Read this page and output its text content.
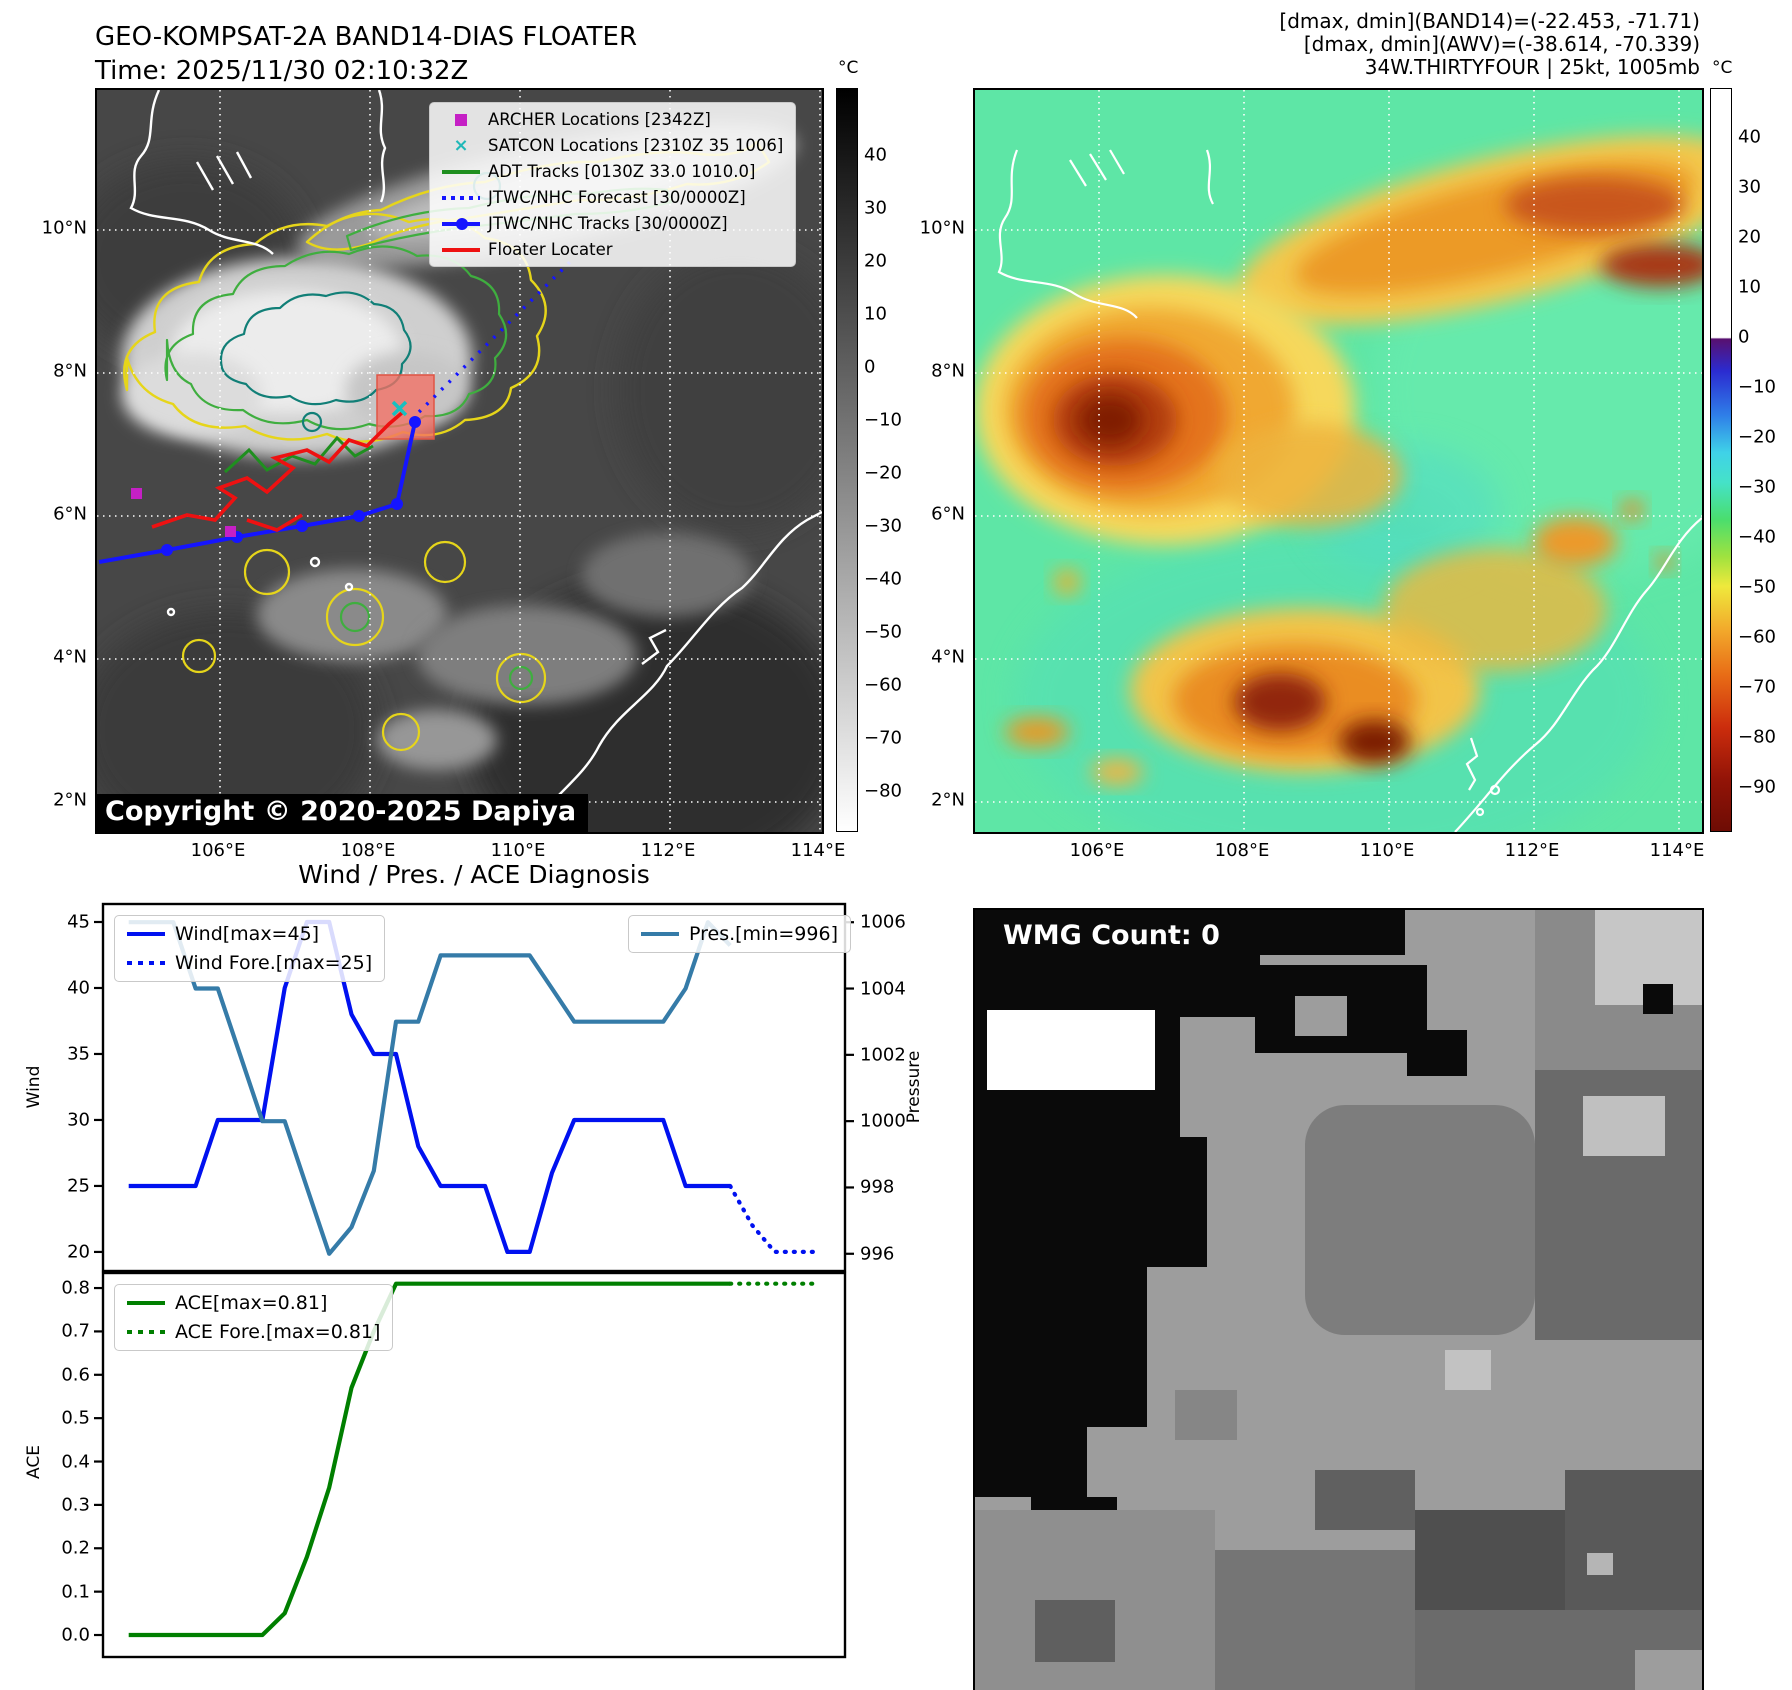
GEO-KOMPSAT-2A BAND14-DIAS FLOATER
Time: 2025/11/30 02:10:32Z
[dmax, dmin](BAND14)=(-22.453, -71.71)
[dmax, dmin](AWV)=(-38.614, -70.339)
34W.THIRTYFOUR | 25kt, 1005mb
ARCHER Locations [2342Z]
×	SATCON Locations [2310Z 35 1006]
ADT Tracks [0130Z 33.0 1010.0]
JTWC/NHC Forecast [30/0000Z]
JTWC/NHC Tracks [30/0000Z]
Floater Locater
Copyright © 2020-2025 Dapiya
Wind / Pres. / ACE Diagnosis
Wind	Pressure
ACE
Wind[max=45]
Wind Fore.[max=25]
Pres.[min=996]
ACE[max=0.81]
ACE Fore.[max=0.81]
WMG Count: 0
10°N
8°N
6°N
4°N
2°N
106°E	108°E	110°E	112°E	114°E
°C
40
30
20
10
0
−10
−20
−30
−40
−50
−60
−70
−80
10°N
8°N
6°N
4°N
2°N
106°E	108°E	110°E	112°E	114°E
°C
40
30
20
10
0
−10
−20
−30
−40
−50
−60
−70
−80
−90
20
25
30
35
40
45
996
998
1000
1002
1004
1006
0.0
0.1
0.2
0.3
0.4
0.5
0.6
0.7
0.8
